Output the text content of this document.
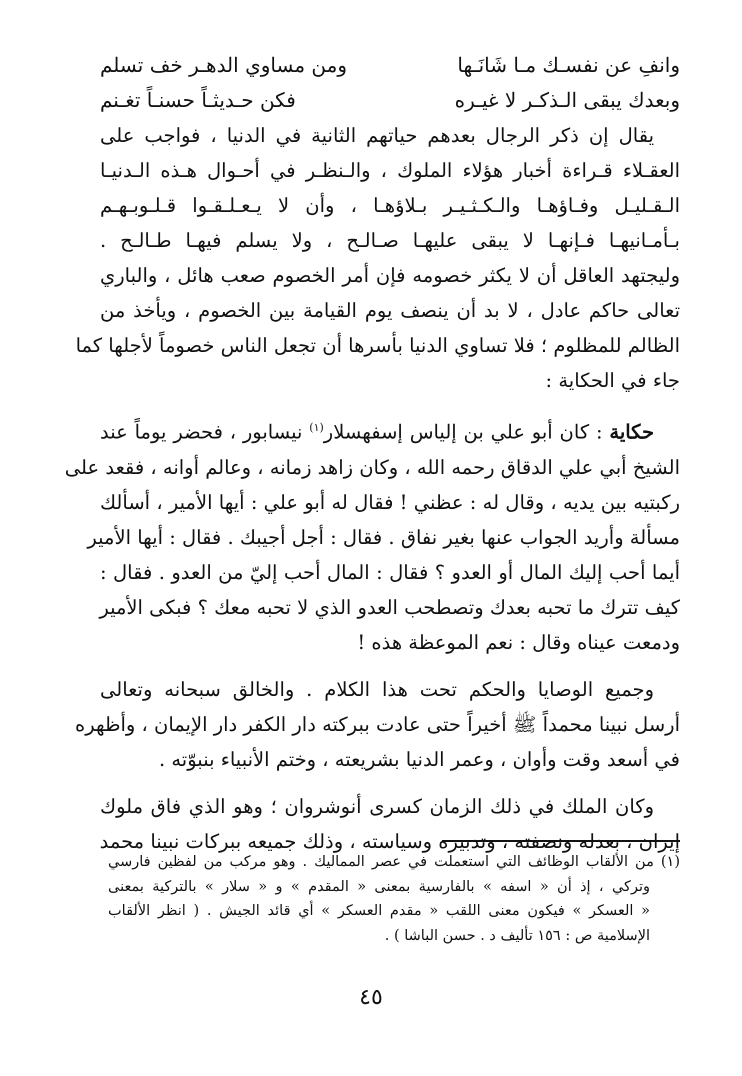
وانفِ عن نفسـك مـا شَانَـها
ومن مساوي الدهـر خف تسلم
وبعدك يبقى الـذكـر لا غيـره
فكن حـديثـاً حسنـاً تغـنم

يقال إن ذكر الرجال بعدهم حياتهم الثانية في الدنيا ، فواجب على
العقـلاء قـراءة أخبار هؤلاء الملوك ، والـنظـر في أحـوال هـذه الـدنيـا
الـقـليـل وفـاؤهـا والـكـثـيـر بـلاؤهـا ، وأن لا يـعـلـقـوا قـلـوبـهـم
بـأمـانيهـا فـإنهـا لا يبقى عليهـا صـالـح ، ولا يسلم فيهـا طـالـح .

وليجتهد العاقل أن لا يكثر خصومه فإن أمر الخصوم صعب هائل ، والباري
تعالى حاكم عادل ، لا بد أن ينصف يوم القيامة بين الخصوم ، ويأخذ من
الظالم للمظلوم ؛ فلا تساوي الدنيا بأسرها أن تجعل الناس خصوماً لأجلها كما
جاء في الحكاية :

حكاية : كان أبو علي بن إلياس إسفهسلار$^{(١)}$ نيسابور ، فحضر يوماً عند
الشيخ أبي علي الدقاق رحمه الله ، وكان زاهد زمانه ، وعالم أوانه ، فقعد على
ركبتيه بين يديه ، وقال له : عظني ! فقال له أبو علي : أيها الأمير ، أسألك
مسألة وأريد الجواب عنها بغير نفاق . فقال : أجل أجيبك . فقال : أيها الأمير
أيما أحب إليك المال أو العدو ؟ فقال : المال أحب إليّ من العدو . فقال :
كيف تترك ما تحبه بعدك وتصطحب العدو الذي لا تحبه معك ؟ فبكى الأمير
ودمعت عيناه وقال : نعم الموعظة هذه !

وجميع الوصايا والحكم تحت هذا الكلام . والخالق سبحانه وتعالى
أرسل نبينا محمداً ﷺ أخيراً حتى عادت ببركته دار الكفر دار الإيمان ، وأظهره
في أسعد وقت وأوان ، وعمر الدنيا بشريعته ، وختم الأنبياء بنبوّته .

وكان الملك في ذلك الزمان كسرى أنوشروان ؛ وهو الذي فاق ملوك
إيران ، بعدله ونصفته ، وتدبيره وسياسته ، وذلك جميعه ببركات نبينا محمد

(١) من الألقاب الوظائف التي استعملت في عصر المماليك . وهو مركب من لفظين فارسي
وتركي ، إذ أن « اسفه » بالفارسية بمعنى « المقدم » و « سلار » بالتركية بمعنى
« العسكر » فيكون معنى اللقب « مقدم العسكر » أي قائد الجيش . ( انظر الألقاب
الإسلامية ص : ١٥٦ تأليف د . حسن الباشا ) .
٤٥
